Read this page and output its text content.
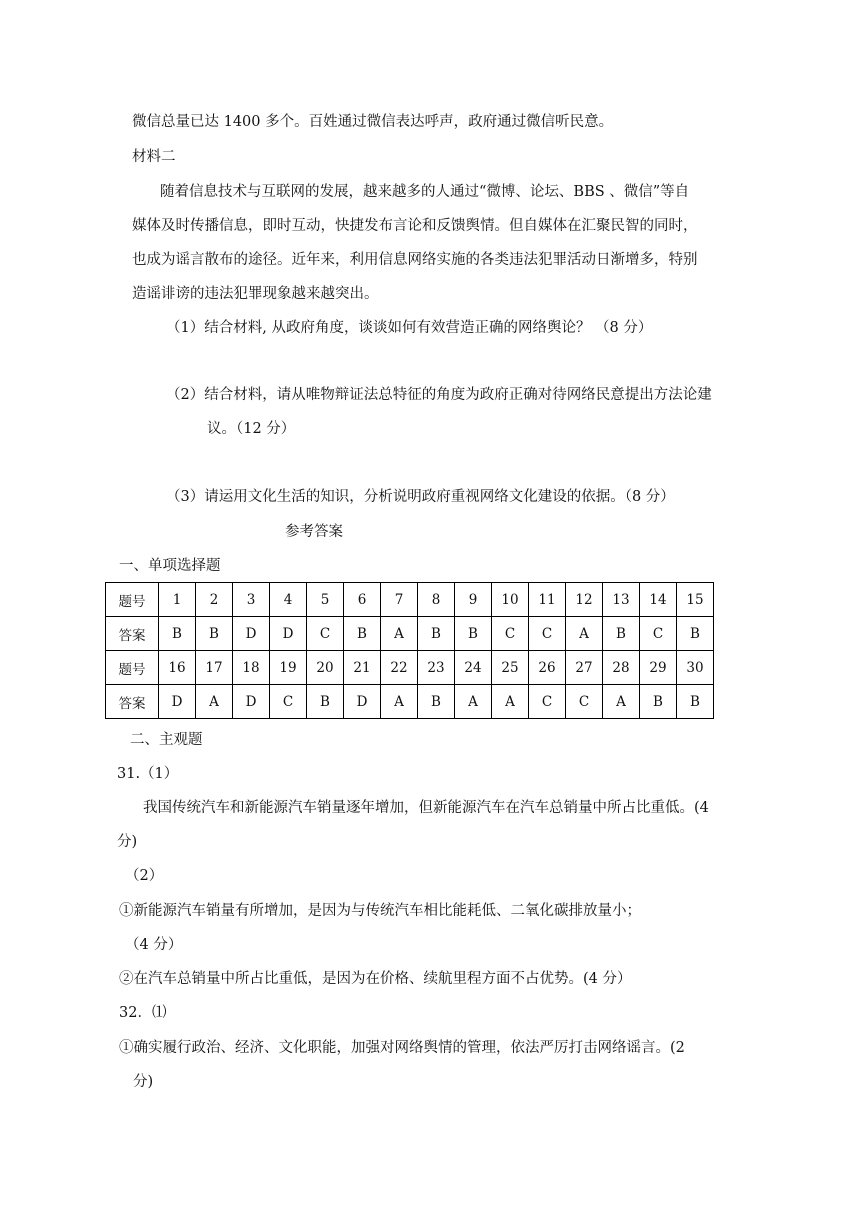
微信总量已达 1400 多个。百姓通过微信表达呼声，政府通过微信听民意。
材料二
随着信息技术与互联网的发展，越来越多的人通过“微博、论坛、BBS 、微信”等自
媒体及时传播信息，即时互动，快捷发布言论和反馈舆情。但自媒体在汇聚民智的同时，
也成为谣言散布的途径。近年来，利用信息网络实施的各类违法犯罪活动日渐增多，特别
造谣诽谤的违法犯罪现象越来越突出。
（1）结合材料, 从政府角度，谈谈如何有效营造正确的网络舆论？ （8 分）
（2）结合材料，请从唯物辩证法总特征的角度为政府正确对待网络民意提出方法论建
议。（12 分）
（3）请运用文化生活的知识，分析说明政府重视网络文化建设的依据。（8 分）
参考答案
一、单项选择题
题号	1	2	3	4	5	6	7	8	9	10	11	12	13	14	15
答案	B	B	D	D	C	B	A	B	B	C	C	A	B	C	B
题号	16	17	18	19	20	21	22	23	24	25	26	27	28	29	30
答案	D	A	D	C	B	D	A	B	A	A	C	C	A	B	B
二、主观题
31.（1）
我国传统汽车和新能源汽车销量逐年增加，但新能源汽车在汽车总销量中所占比重低。(4
分)
（2）
①新能源汽车销量有所增加，是因为与传统汽车相比能耗低、二氧化碳排放量小；
（4 分）
②在汽车总销量中所占比重低，是因为在价格、续航里程方面不占优势。(4 分）
32．⑴
①确实履行政治、经济、文化职能，加强对网络舆情的管理，依法严厉打击网络谣言。(2
分)
